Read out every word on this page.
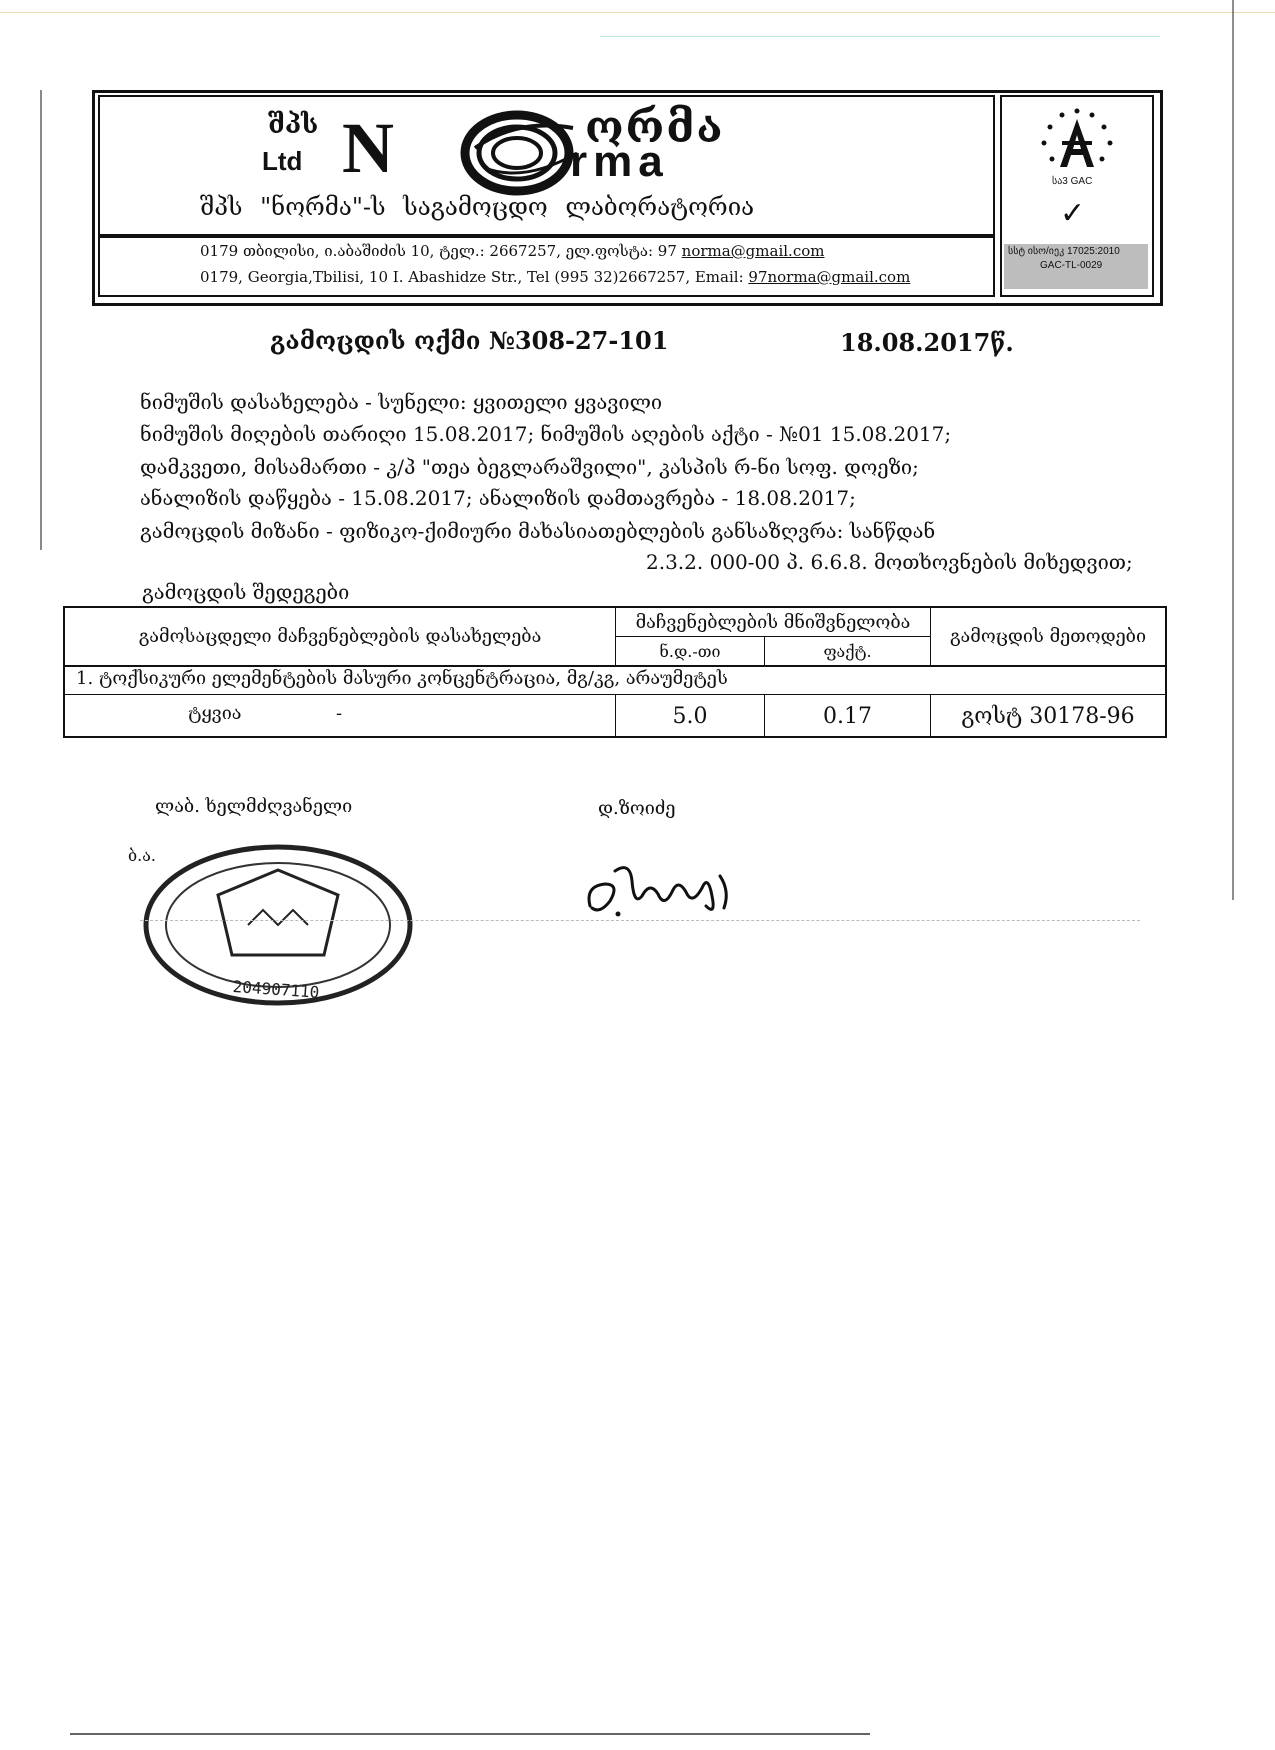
შპს
Ltd N	ორმა
rma
შპს "ნორმა"-ს საგამოცდო ლაბორატორია
0179 თბილისი, ი.აბაშიძის 10, ტელ.: 2667257, ელ.ფოსტა: 97 norma@gmail.com
0179, Georgia,Tbilisi, 10 I. Abashidze Str., Tel (995 32)2667257, Email: 97norma@gmail.com
სა3 GAC
✓
სსტ ისო/იეკ 17025:2010
GAC-TL-0029
გამოცდის ოქმი №308-27-101	18.08.2017წ.
ნიმუშის დასახელება - სუნელი: ყვითელი ყვავილი
ნიმუშის მიღების თარიღი 15.08.2017; ნიმუშის აღების აქტი - №01 15.08.2017;
დამკვეთი, მისამართი - კ/პ "თეა ბეგლარაშვილი", კასპის რ-ნი სოფ. დოეზი;
ანალიზის დაწყება - 15.08.2017; ანალიზის დამთავრება - 18.08.2017;
გამოცდის მიზანი - ფიზიკო-ქიმიური მახასიათებლების განსაზღვრა: სანწდან
2.3.2. 000-00 პ. 6.6.8. მოთხოვნების მიხედვით;
გამოცდის შედეგები
გამოსაცდელი მაჩვენებლების დასახელება
მაჩვენებლების მნიშვნელობა
ნ.დ.-თი	ფაქტ.
გამოცდის მეთოდები
1. ტოქსიკური ელემენტების მასური კონცენტრაცია, მგ/კგ, არაუმეტეს
ტყვია	-	5.0	0.17	გოსტ 30178-96
ლაბ. ხელმძღვანელი	დ.ზოიძე
ბ.ა.
204907110
